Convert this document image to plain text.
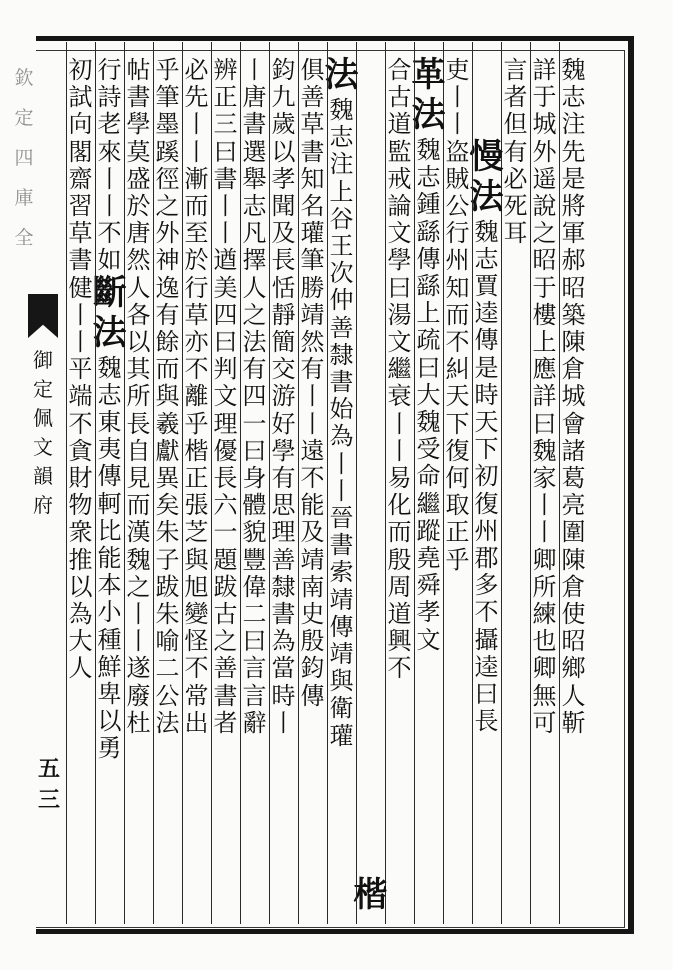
欽
定
四
庫
全
御
定
佩
文
韻
府
五三
魏
志
注
先
是
將
軍
郝
昭
築
陳
倉
城
會
諸
葛
亮
圍
陳
倉
使
昭
鄉
人
靳
詳
于
城
外
遥
說
之
昭
于
樓
上
應
詳
曰
魏
家
丨
丨
卿
所
練
也
卿
無
可
言
者
但
有
必
死
耳
慢
法
魏
志
賈
逵
傳
是
時
天
下
初
復
州
郡
多
不
攝
逵
曰
長
吏
丨
丨
盗
賊
公
行
州
知
而
不
糾
天
下
復
何
取
正
乎
革
法
魏
志
鍾
繇
傳
繇
上
疏
曰
大
魏
受
命
繼
蹤
堯
舜
孝
文
合
古
道
監
戒
論
文
學
曰
湯
文
繼
衰
丨
丨
易
化
而
殷
周
道
興
不
楷
法
魏
志
注
上
谷
王
次
仲
善
隸
書
始
為
丨
丨
晉
書
索
靖
傳
靖
與
衛
瓘
俱
善
草
書
知
名
瓘
筆
勝
靖
然
有
丨
丨
遠
不
能
及
靖
南
史
殷
鈞
傳
鈞
九
歲
以
孝
聞
及
長
恬
靜
簡
交
游
好
學
有
思
理
善
隸
書
為
當
時
丨
丨
唐
書
選
舉
志
凡
擇
人
之
法
有
四
一
曰
身
體
貌
豐
偉
二
曰
言
言
辭
辨
正
三
曰
書
丨
丨
遒
美
四
曰
判
文
理
優
長
六
一
題
跋
古
之
善
書
者
必
先
丨
丨
漸
而
至
於
行
草
亦
不
離
乎
楷
正
張
芝
與
旭
變
怪
不
常
出
乎
筆
墨
蹊
徑
之
外
神
逸
有
餘
而
與
羲
獻
異
矣
朱
子
跋
朱
喻
二
公
法
帖
書
學
莫
盛
於
唐
然
人
各
以
其
所
長
自
見
而
漢
魏
之
丨
丨
遂
廢
杜
行
詩
老
來
丨
丨
不
如
斷
法
魏
志
東
夷
傳
軻
比
能
本
小
種
鮮
卑
以
勇
初
試
向
閣
齋
習
草
書
健
丨
丨
平
端
不
貪
財
物
衆
推
以
為
大
人
